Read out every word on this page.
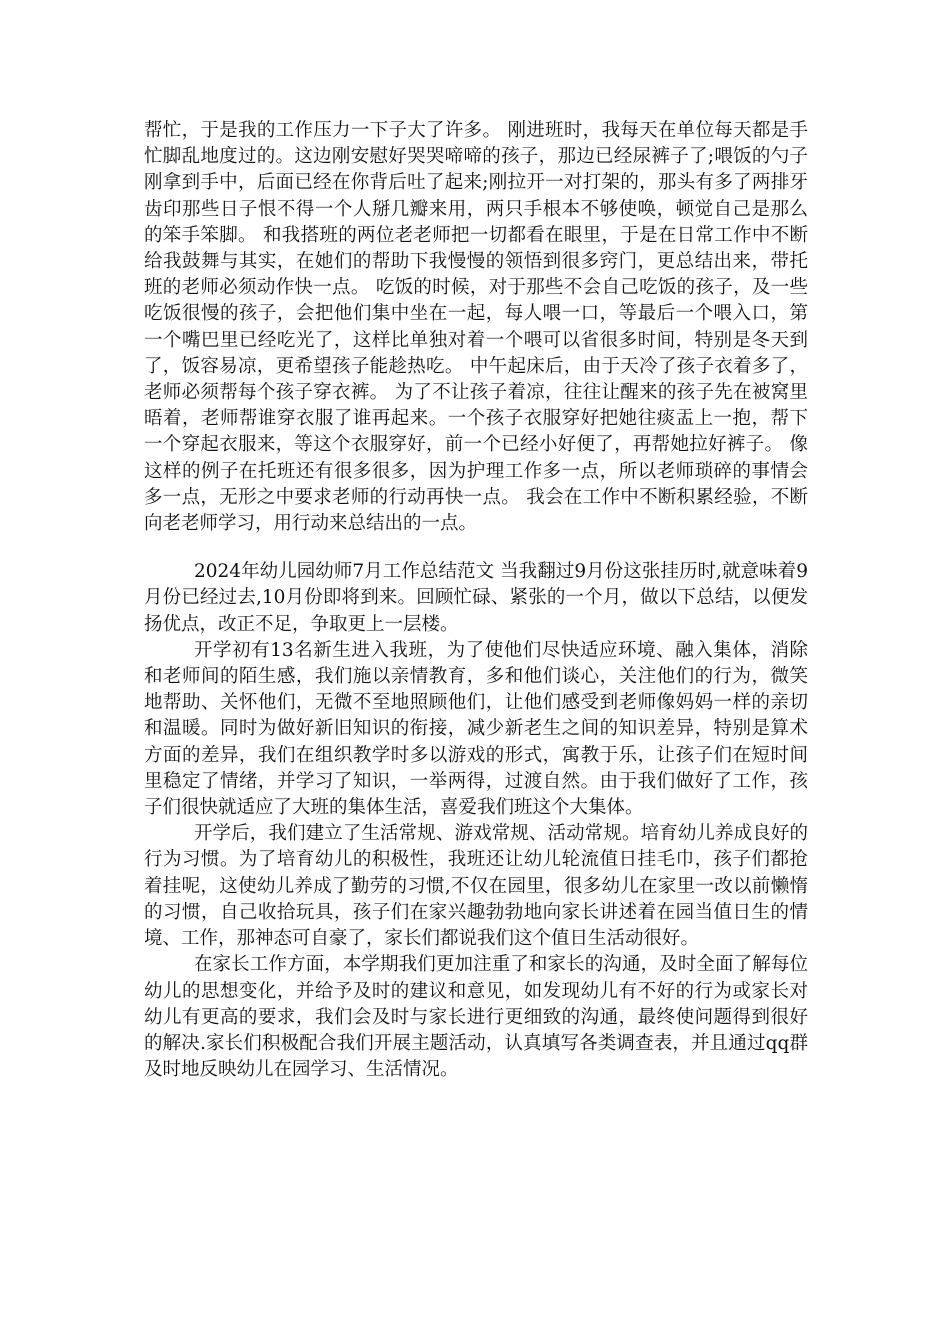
帮忙，于是我的工作压力一下子大了许多。 刚进班时，我每天在单位每天都是手忙脚乱地度过的。这边刚安慰好哭哭啼啼的孩子，那边已经尿裤子了;喂饭的勺子刚拿到手中，后面已经在你背后吐了起来;刚拉开一对打架的，那头有多了两排牙齿印那些日子恨不得一个人掰几瓣来用，两只手根本不够使唤，顿觉自己是那么的笨手笨脚。 和我搭班的两位老老师把一切都看在眼里，于是在日常工作中不断给我鼓舞与其实，在她们的帮助下我慢慢的领悟到很多窍门，更总结出来，带托班的老师必须动作快一点。 吃饭的时候，对于那些不会自己吃饭的孩子，及一些吃饭很慢的孩子，会把他们集中坐在一起，每人喂一口，等最后一个喂入口，第一个嘴巴里已经吃光了，这样比单独对着一个喂可以省很多时间，特别是冬天到了，饭容易凉，更希望孩子能趁热吃。 中午起床后，由于天冷了孩子衣着多了，老师必须帮每个孩子穿衣裤。 为了不让孩子着凉，往往让醒来的孩子先在被窝里晤着，老师帮谁穿衣服了谁再起来。一个孩子衣服穿好把她往痰盂上一抱，帮下一个穿起衣服来，等这个衣服穿好，前一个已经小好便了，再帮她拉好裤子。 像这样的例子在托班还有很多很多，因为护理工作多一点，所以老师琐碎的事情会多一点，无形之中要求老师的行动再快一点。 我会在工作中不断积累经验，不断向老老师学习，用行动来总结出的一点。

2024年幼儿园幼师7月工作总结范文 当我翻过9月份这张挂历时,就意味着9月份已经过去,10月份即将到来。回顾忙碌、紧张的一个月，做以下总结，以便发扬优点，改正不足，争取更上一层楼。

开学初有13名新生进入我班，为了使他们尽快适应环境、融入集体，消除和老师间的陌生感，我们施以亲情教育，多和他们谈心，关注他们的行为，微笑地帮助、关怀他们，无微不至地照顾他们，让他们感受到老师像妈妈一样的亲切和温暖。同时为做好新旧知识的衔接，减少新老生之间的知识差异，特别是算术方面的差异，我们在组织教学时多以游戏的形式，寓教于乐，让孩子们在短时间里稳定了情绪，并学习了知识，一举两得，过渡自然。由于我们做好了工作，孩子们很快就适应了大班的集体生活，喜爱我们班这个大集体。

开学后，我们建立了生活常规、游戏常规、活动常规。培育幼儿养成良好的行为习惯。为了培育幼儿的积极性，我班还让幼儿轮流值日挂毛巾，孩子们都抢着挂呢，这使幼儿养成了勤劳的习惯,不仅在园里，很多幼儿在家里一改以前懒惰的习惯，自己收拾玩具，孩子们在家兴趣勃勃地向家长讲述着在园当值日生的情境、工作，那神态可自豪了，家长们都说我们这个值日生活动很好。

在家长工作方面，本学期我们更加注重了和家长的沟通，及时全面了解每位幼儿的思想变化，并给予及时的建议和意见，如发现幼儿有不好的行为或家长对幼儿有更高的要求，我们会及时与家长进行更细致的沟通，最终使问题得到很好的解决.家长们积极配合我们开展主题活动，认真填写各类调查表，并且通过qq群及时地反映幼儿在园学习、生活情况。
